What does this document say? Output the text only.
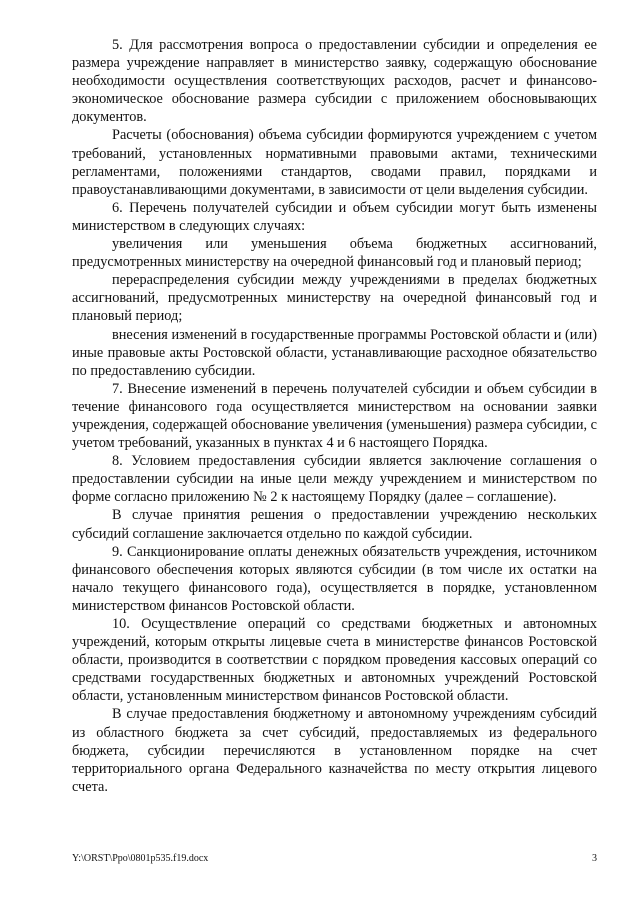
5. Для рассмотрения вопроса о предоставлении субсидии и определения ее размера учреждение направляет в министерство заявку, содержащую обоснование необходимости осуществления соответствующих расходов, расчет и финансово-экономическое обоснование размера субсидии с приложением обосновывающих документов.

Расчеты (обоснования) объема субсидии формируются учреждением с учетом требований, установленных нормативными правовыми актами, техническими регламентами, положениями стандартов, сводами правил, порядками и правоустанавливающими документами, в зависимости от цели выделения субсидии.

6. Перечень получателей субсидии и объем субсидии могут быть изменены министерством в следующих случаях:

увеличения или уменьшения объема бюджетных ассигнований, предусмотренных министерству на очередной финансовый год и плановый период;

перераспределения субсидии между учреждениями в пределах бюджетных ассигнований, предусмотренных министерству на очередной финансовый год и плановый период;

внесения изменений в государственные программы Ростовской области и (или) иные правовые акты Ростовской области, устанавливающие расходное обязательство по предоставлению субсидии.

7. Внесение изменений в перечень получателей субсидии и объем субсидии в течение финансового года осуществляется министерством на основании заявки учреждения, содержащей обоснование увеличения (уменьшения) размера субсидии, с учетом требований, указанных в пунктах 4 и 6 настоящего Порядка.

8. Условием предоставления субсидии является заключение соглашения о предоставлении субсидии на иные цели между учреждением и министерством по форме согласно приложению № 2 к настоящему Порядку (далее – соглашение).

В случае принятия решения о предоставлении учреждению нескольких субсидий соглашение заключается отдельно по каждой субсидии.

9. Санкционирование оплаты денежных обязательств учреждения, источником финансового обеспечения которых являются субсидии (в том числе их остатки на начало текущего финансового года), осуществляется в порядке, установленном министерством финансов Ростовской области.

10. Осуществление операций со средствами бюджетных и автономных учреждений, которым открыты лицевые счета в министерстве финансов Ростовской области, производится в соответствии с порядком проведения кассовых операций со средствами государственных бюджетных и автономных учреждений Ростовской области, установленным министерством финансов Ростовской области.

В случае предоставления бюджетному и автономному учреждениям субсидий из областного бюджета за счет субсидий, предоставляемых из федерального бюджета, субсидии перечисляются в установленном порядке на счет территориального органа Федерального казначейства по месту открытия лицевого счета.

Y:\ORST\Ppo\0801p535.f19.docx	3
